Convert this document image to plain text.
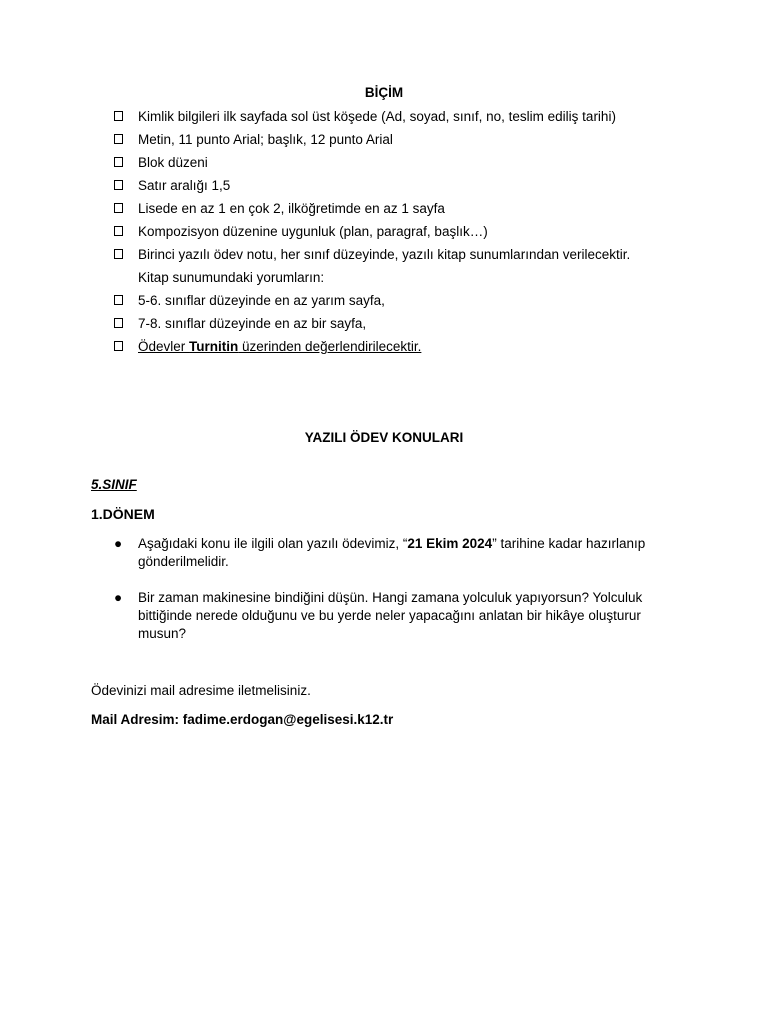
BİÇİM
Kimlik bilgileri ilk sayfada sol üst köşede (Ad, soyad, sınıf, no, teslim ediliş tarihi)
Metin, 11 punto Arial; başlık, 12 punto Arial
Blok düzeni
Satır aralığı 1,5
Lisede en az 1 en çok 2, ilköğretimde en az 1 sayfa
Kompozisyon düzenine uygunluk (plan, paragraf, başlık…)
Birinci yazılı ödev notu, her sınıf düzeyinde, yazılı kitap sunumlarından verilecektir.
Kitap sunumundaki yorumların:
5-6. sınıflar düzeyinde en az yarım sayfa,
7-8. sınıflar düzeyinde en az bir sayfa,
Ödevler Turnitin üzerinden değerlendirilecektir.
YAZILI ÖDEV KONULARI
5.SINIF
1.DÖNEM
● Aşağıdaki konu ile ilgili olan yazılı ödevimiz, “21 Ekim 2024” tarihine kadar hazırlanıp gönderilmelidir.
● Bir zaman makinesine bindiğini düşün. Hangi zamana yolculuk yapıyorsun? Yolculuk bittiğinde nerede olduğunu ve bu yerde neler yapacağını anlatan bir hikâye oluşturur musun?
Ödevinizi mail adresime iletmelisiniz.
Mail Adresim: fadime.erdogan@egelisesi.k12.tr
